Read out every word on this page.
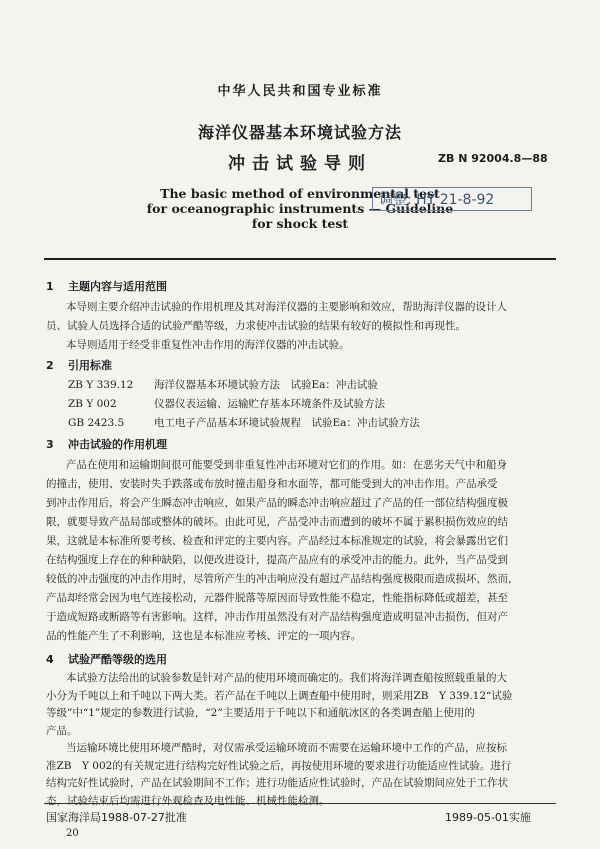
中华人民共和国专业标准
海洋仪器基本环境试验方法
冲击试验导则	ZB N 92004.8—88
The basic method of environmental test
for oceanographic instruments — Guideline
for shock test
调整: HY 21-8-92
1 主题内容与适用范围

本导则主要介绍冲击试验的作用机理及其对海洋仪器的主要影响和效应，帮助海洋仪器的设计人

员、试验人员选择合适的试验严酷等级，力求使冲击试验的结果有较好的模拟性和再现性。

本导则适用于经受非重复性冲击作用的海洋仪器的冲击试验。

2 引用标准
ZB Y 339.12 海洋仪器基本环境试验方法　试验Ea：冲击试验
ZB Y 002	仪器仪表运输、运输贮存基本环境条件及试验方法
GB 2423.5	电工电子产品基本环境试验规程　试验Ea：冲击试验方法
3 冲击试验的作用机理

产品在使用和运输期间很可能要受到非重复性冲击环境对它们的作用。如：在恶劣天气中和船身

的撞击，使用、安装时失手跌落或布放时撞击船身和水面等，都可能受到大的冲击作用。产品承受

到冲击作用后，将会产生瞬态冲击响应，如果产品的瞬态冲击响应超过了产品的任一部位结构强度极

限，就要导致产品局部或整体的破坏。由此可见，产品受冲击而遭到的破坏不属于累积损伤效应的结

果，这就是本标准所要考核、检查和评定的主要内容。产品经过本标准规定的试验，将会暴露出它们

在结构强度上存在的种种缺陷，以便改进设计，提高产品应有的承受冲击的能力。此外，当产品受到

较低的冲击强度的冲击作用时，尽管所产生的冲击响应没有超过产品结构强度极限而造成损坏，然而，

产品却经常会因为电气连接松动，元器件脱落等原因而导致性能不稳定，性能指标降低或超差，甚至

于造成短路或断路等有害影响。这样，冲击作用虽然没有对产品结构强度造成明显冲击损伤，但对产

品的性能产生了不利影响，这也是本标准应考核、评定的一项内容。

4 试验严酷等级的选用

本试验方法给出的试验参数是针对产品的使用环境而确定的。我们将海洋调查船按照载重量的大

小分为千吨以上和千吨以下两大类。若产品在千吨以上调查船中使用时，则采用ZB　Y 339.12“试验

等级”中“1”规定的参数进行试验，“2”主要适用于千吨以下和通航冰区的各类调查船上使用的

产品。

当运输环境比使用环境严酷时，对仅需承受运输环境而不需要在运输环境中工作的产品，应按标

准ZB　Y 002的有关规定进行结构完好性试验之后，再按使用环境的要求进行功能适应性试验。进行

结构完好性试验时，产品在试验期间不工作；进行功能适应性试验时，产品在试验期间应处于工作状

态，试验结束后均需进行外观检查及电性能、机械性能检测。

国家海洋局1988-07-27批准	1989-05-01实施
20
